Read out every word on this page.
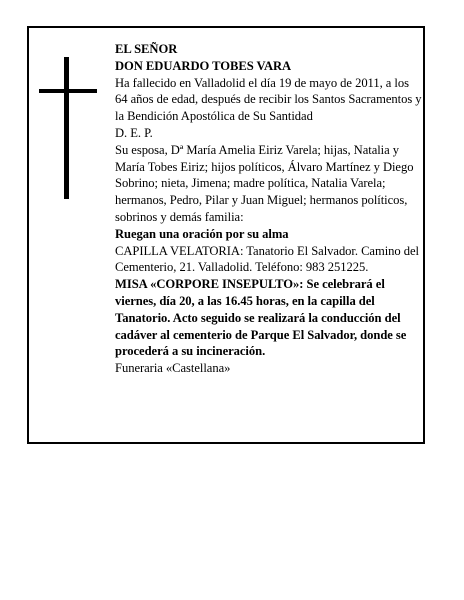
EL SEÑOR

DON EDUARDO TOBES VARA

Ha fallecido en Valladolid el día 19 de mayo de 2011, a los 64 años de edad, después de recibir los Santos Sacramentos y la Bendición Apostólica de Su Santidad

D. E. P.

Su esposa, Dª María Amelia Eiriz Varela; hijas, Natalia y María Tobes Eiriz; hijos políticos, Álvaro Martínez y Diego Sobrino; nieta, Jimena; madre política, Natalia Varela; hermanos, Pedro, Pilar y Juan Miguel; hermanos políticos, sobrinos y demás familia:

Ruegan una oración por su alma

CAPILLA VELATORIA: Tanatorio El Salvador. Camino del Cementerio, 21. Valladolid. Teléfono: 983 251225.

MISA «CORPORE INSEPULTO»: Se celebrará el viernes, día 20, a las 16.45 horas, en la capilla del Tanatorio. Acto seguido se realizará la conducción del cadáver al cementerio de Parque El Salvador, donde se procederá a su incineración.

Funeraria «Castellana»
